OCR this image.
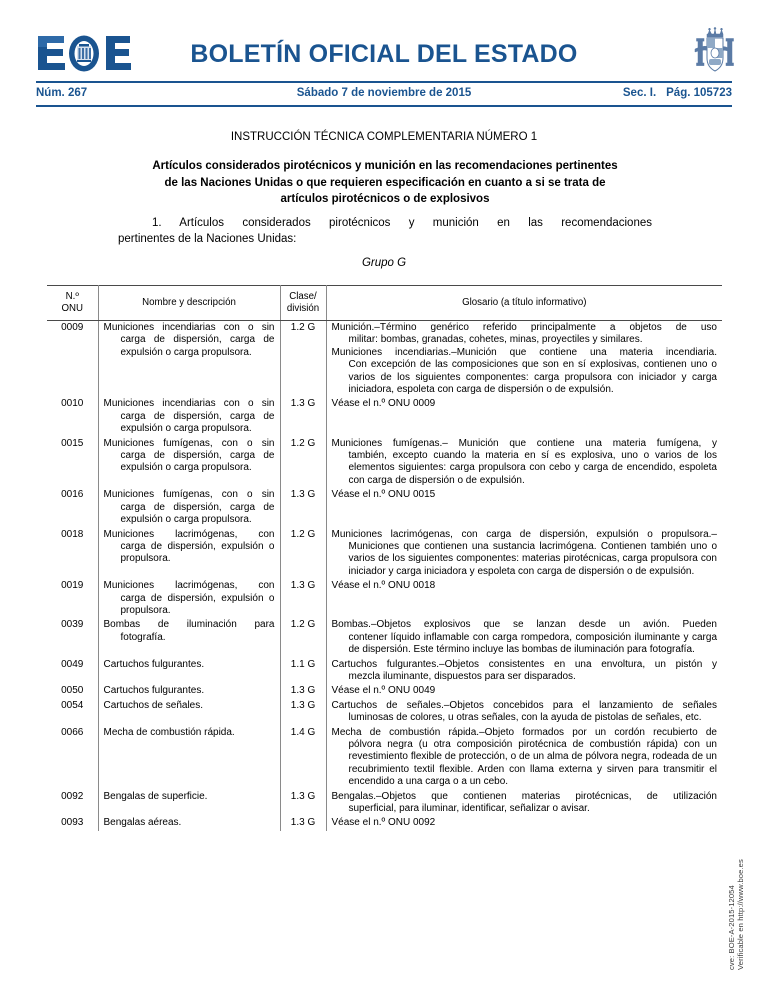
BOLETÍN OFICIAL DEL ESTADO
Núm. 267	Sábado 7 de noviembre de 2015	Sec. I. Pág. 105723
INSTRUCCIÓN TÉCNICA COMPLEMENTARIA NÚMERO 1
Artículos considerados pirotécnicos y munición en las recomendaciones pertinentes
de las Naciones Unidas o que requieren especificación en cuanto a si se trata de
artículos pirotécnicos o de explosivos
1. Artículos considerados pirotécnicos y munición en las recomendaciones
pertinentes de la Naciones Unidas:
Grupo G
N.º
ONU	Nombre y descripción	Clase/
división	Glosario (a título informativo)
0009	Municiones incendiarias con o sin
carga de dispersión, carga de expulsión o carga propulsora.	1.2 G	Munición.–Término genérico referido principalmente a objetos de uso
militar: bombas, granadas, cohetes, minas, proyectiles y similares.
Municiones incendiarias.–Munición que contiene una materia incendiaria.
Con excepción de las composiciones que son en sí explosivas, contienen uno o varios de los siguientes componentes: carga propulsora con iniciador y carga iniciadora, espoleta con carga de dispersión o de expulsión.

0010	Municiones incendiarias con o sin
carga de dispersión, carga de expulsión o carga propulsora.	1.3 G	Véase el n.º ONU 0009

0015	Municiones fumígenas, con o sin
carga de dispersión, carga de expulsión o carga propulsora.	1.2 G	Municiones fumígenas.– Munición que contiene una materia fumígena, y
también, excepto cuando la materia en sí es explosiva, uno o varios de los elementos siguientes: carga propulsora con cebo y carga de encendido, espoleta con carga de dispersión o de expulsión.

0016	Municiones fumígenas, con o sin
carga de dispersión, carga de expulsión o carga propulsora.	1.3 G	Véase el n.º ONU 0015

0018	Municiones lacrimógenas, con
carga de dispersión, expulsión o propulsora.	1.2 G	Municiones lacrimógenas, con carga de dispersión, expulsión o propulsora.–
Municiones que contienen una sustancia lacrimógena. Contienen también uno o varios de los siguientes componentes: materias pirotécnicas, carga propulsora con iniciador y carga iniciadora y espoleta con carga de dispersión o de expulsión.

0019	Municiones lacrimógenas, con
carga de dispersión, expulsión o propulsora.	1.3 G	Véase el n.º ONU 0018

0039	Bombas de iluminación para
fotografía.	1.2 G	Bombas.–Objetos explosivos que se lanzan desde un avión. Pueden
contener líquido inflamable con carga rompedora, composición iluminante y carga de dispersión. Este término incluye las bombas de iluminación para fotografía.

0049	Cartuchos fulgurantes.	1.1 G	Cartuchos fulgurantes.–Objetos consistentes en una envoltura, un pistón y
mezcla iluminante, dispuestos para ser disparados.

0050	Cartuchos fulgurantes.	1.3 G	Véase el n.º ONU 0049

0054	Cartuchos de señales.	1.3 G	Cartuchos de señales.–Objetos concebidos para el lanzamiento de señales
luminosas de colores, u otras señales, con la ayuda de pistolas de señales, etc.

0066	Mecha de combustión rápida.	1.4 G	Mecha de combustión rápida.–Objeto formados por un cordón recubierto de
pólvora negra (u otra composición pirotécnica de combustión rápida) con un revestimiento flexible de protección, o de un alma de pólvora negra, rodeada de un recubrimiento textil flexible. Arden con llama externa y sirven para transmitir el encendido a una carga o a un cebo.

0092	Bengalas de superficie.	1.3 G	Bengalas.–Objetos que contienen materias pirotécnicas, de utilización
superficial, para iluminar, identificar, señalizar o avisar.

0093	Bengalas aéreas.	1.3 G	Véase el n.º ONU 0092
cve: BOE-A-2015-12054 Verificable en http://www.boe.es
